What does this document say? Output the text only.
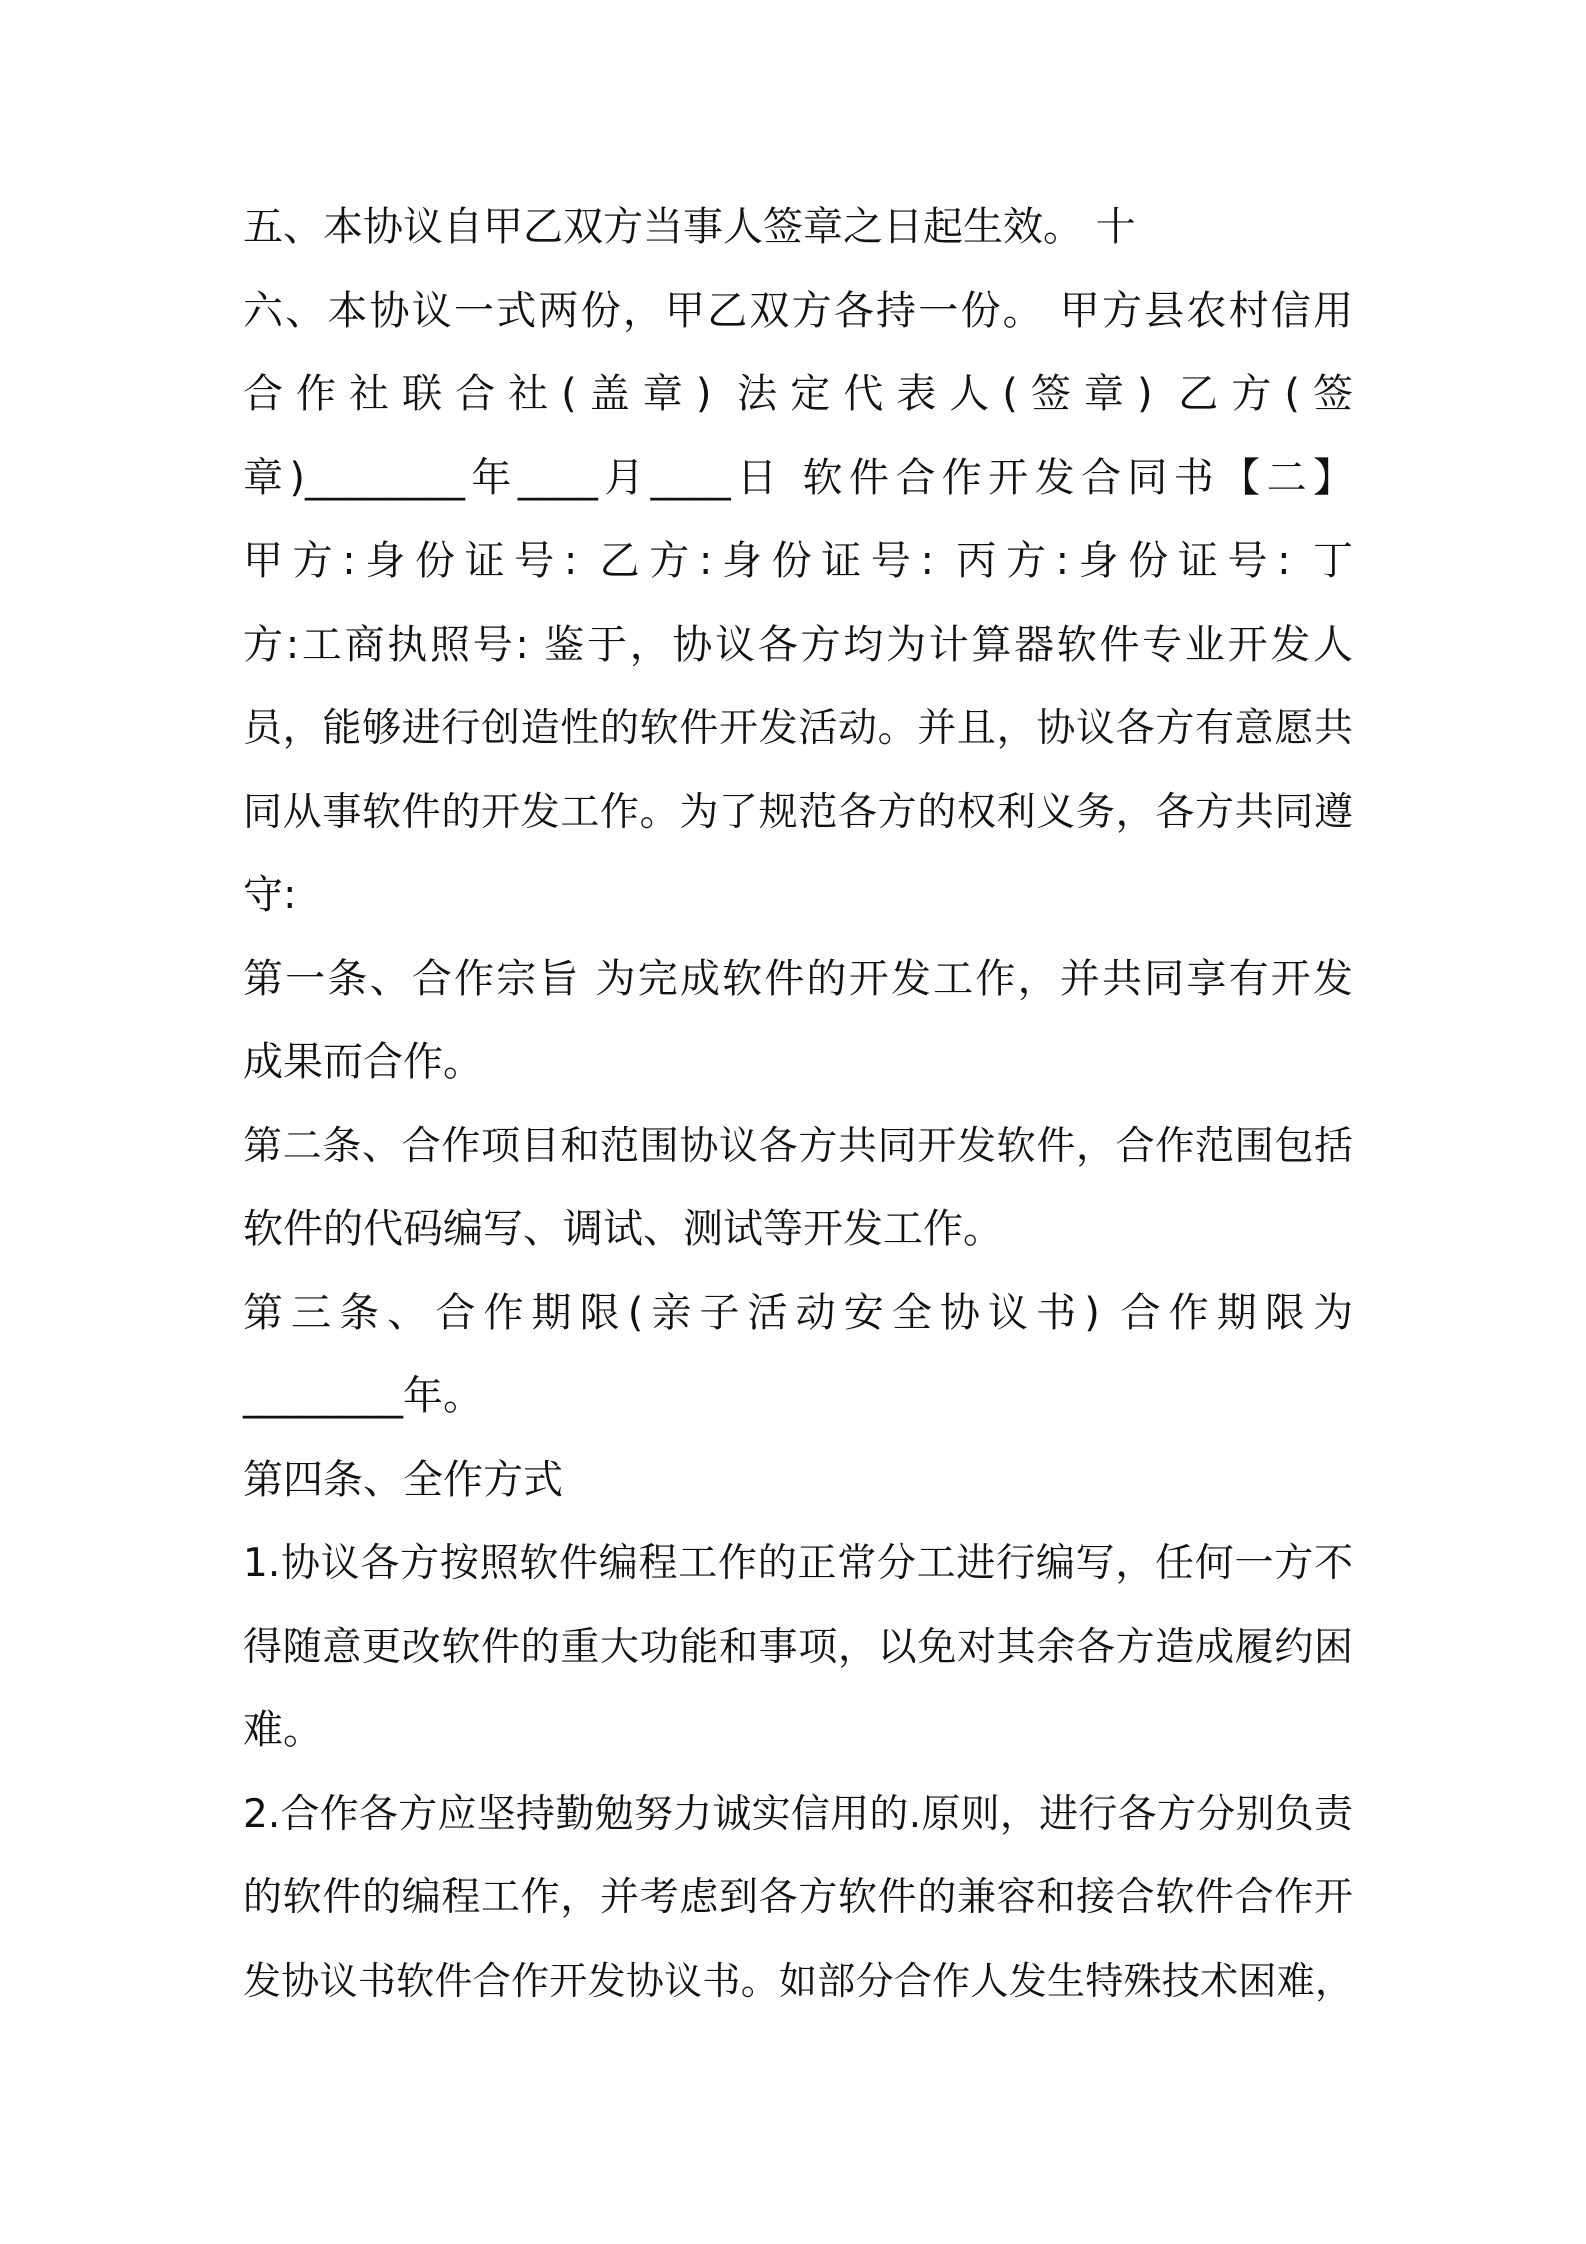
五、本协议自甲乙双方当事人签章之日起生效。 十
六、本协议一式两份，甲乙双方各持一份。 甲方县农村信用
合作社联合社(盖章) 法定代表人(签章) 乙方(签
章)________年____月____日 软件合作开发合同书【二】
甲方:身份证号: 乙方:身份证号: 丙方:身份证号: 丁
方:工商执照号: 鉴于，协议各方均为计算器软件专业开发人
员，能够进行创造性的软件开发活动。并且，协议各方有意愿共
同从事软件的开发工作。为了规范各方的权利义务，各方共同遵
守:
第一条、合作宗旨 为完成软件的开发工作，并共同享有开发
成果而合作。
第二条、合作项目和范围协议各方共同开发软件，合作范围包括
软件的代码编写、调试、测试等开发工作。
第三条、合作期限(亲子活动安全协议书) 合作期限为
________年。
第四条、全作方式
1.协议各方按照软件编程工作的正常分工进行编写，任何一方不
得随意更改软件的重大功能和事项，以免对其余各方造成履约困
难。
2.合作各方应坚持勤勉努力诚实信用的.原则，进行各方分别负责
的软件的编程工作，并考虑到各方软件的兼容和接合软件合作开
发协议书软件合作开发协议书。如部分合作人发生特殊技术困难，
